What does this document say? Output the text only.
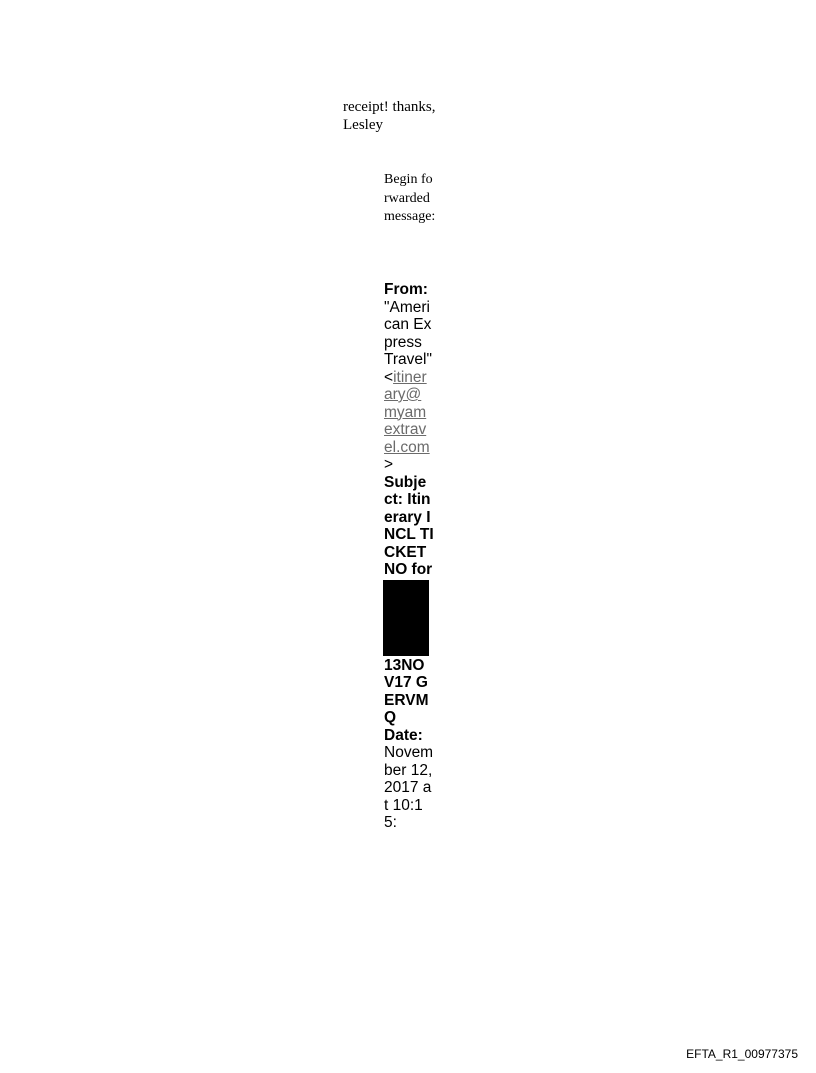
receipt! thanks,
Lesley
Begin forwarded message:
From: "American Express Travel" <itinerary@myamextravel.com>
Subject: Itinerary INCL TICKETNO for
13NOV17 GERVMQ
Date: November 12, 2017 at 10:15:
EFTA_R1_00977375
